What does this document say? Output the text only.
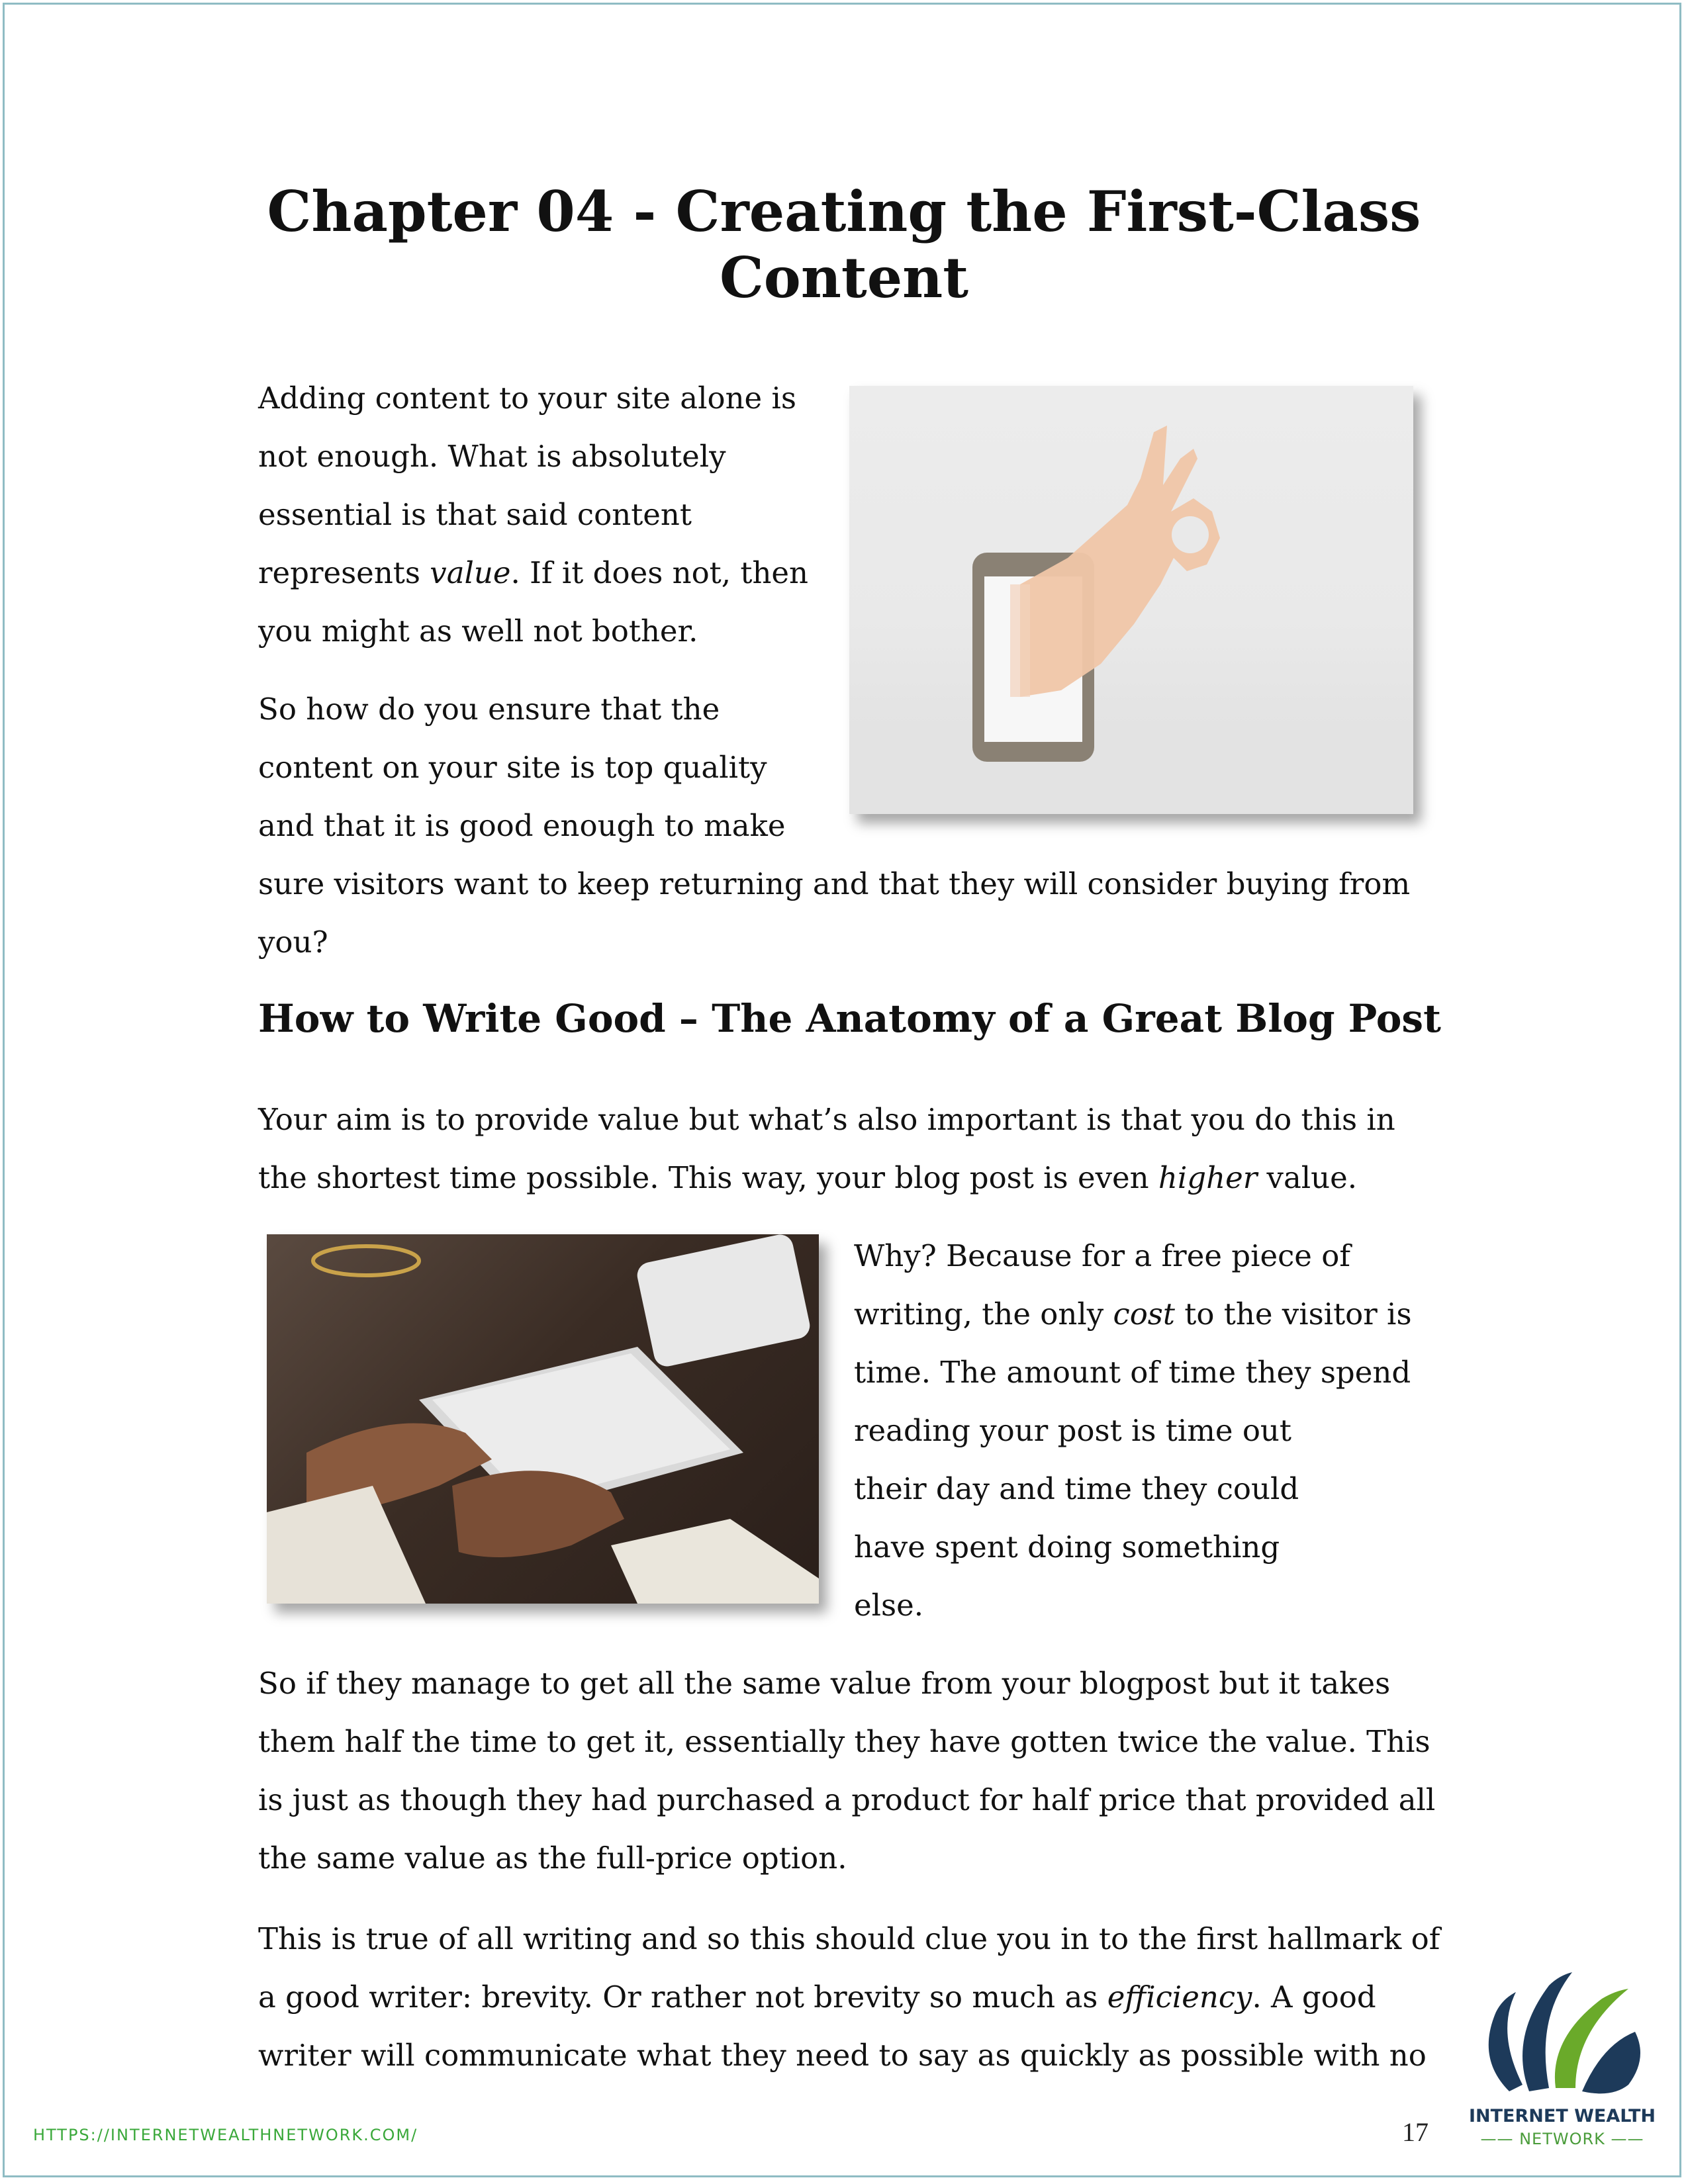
Chapter 04 - Creating the First-Class
Content

Adding content to your site alone is
not enough. What is absolutely
essential is that said content
represents value. If it does not, then
you might as well not bother.

So how do you ensure that the
content on your site is top quality
and that it is good enough to make
sure visitors want to keep returning and that they will consider buying from
you?

How to Write Good – The Anatomy of a Great Blog Post

Your aim is to provide value but what’s also important is that you do this in
the shortest time possible. This way, your blog post is even higher value.

Why? Because for a free piece of
writing, the only cost to the visitor is
time. The amount of time they spend
reading your post is time out
their day and time they could
have spent doing something
else.

So if they manage to get all the same value from your blogpost but it takes
them half the time to get it, essentially they have gotten twice the value. This
is just as though they had purchased a product for half price that provided all
the same value as the full-price option.

This is true of all writing and so this should clue you in to the first hallmark of
a good writer: brevity. Or rather not brevity so much as efficiency. A good
writer will communicate what they need to say as quickly as possible with no

HTTPS://INTERNETWEALTHNETWORK.COM/	17
INTERNET WEALTH
—— NETWORK ——
